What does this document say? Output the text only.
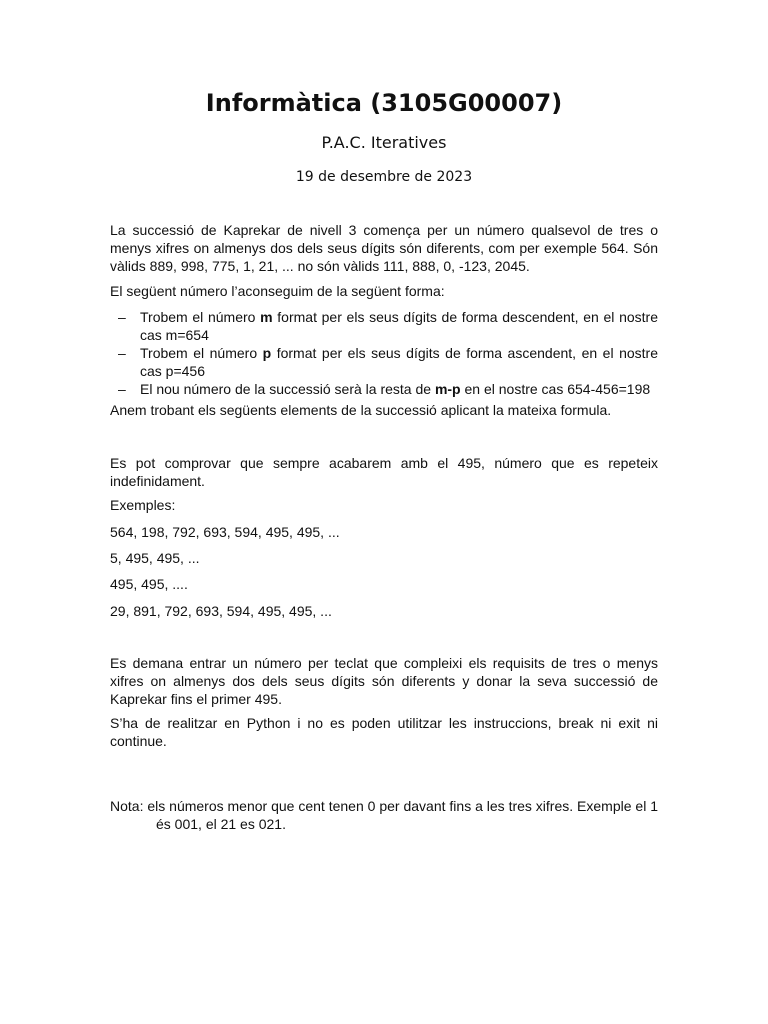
Informàtica (3105G00007)
P.A.C. Iteratives
19 de desembre de 2023

La successió de Kaprekar de nivell 3 comença per un número qualsevol de tres o menys xifres on almenys dos dels seus dígits són diferents, com per exemple 564. Són vàlids 889, 998, 775, 1, 21, ... no són vàlids 111, 888, 0, -123, 2045.

El següent número l’aconseguim de la següent forma:

– Trobem el número m format per els seus dígits de forma descendent, en el nostre cas m=654
– Trobem el número p format per els seus dígits de forma ascendent, en el nostre cas p=456
– El nou número de la successió serà la resta de m-p en el nostre cas 654-456=198

Anem trobant els següents elements de la successió aplicant la mateixa formula.

Es pot comprovar que sempre acabarem amb el 495, número que es repeteix indefinidament.

Exemples:

564, 198, 792, 693, 594, 495, 495, ...

5, 495, 495, ...

495, 495, ....

29, 891, 792, 693, 594, 495, 495, ...

Es demana entrar un número per teclat que compleixi els requisits de tres o menys xifres on almenys dos dels seus dígits són diferents y donar la seva successió de Kaprekar fins el primer 495.

S’ha de realitzar en Python i no es poden utilitzar les instruccions, break ni exit ni continue.

Nota: els números menor que cent tenen 0 per davant fins a les tres xifres. Exemple el 1 és 001, el 21 es 021.
